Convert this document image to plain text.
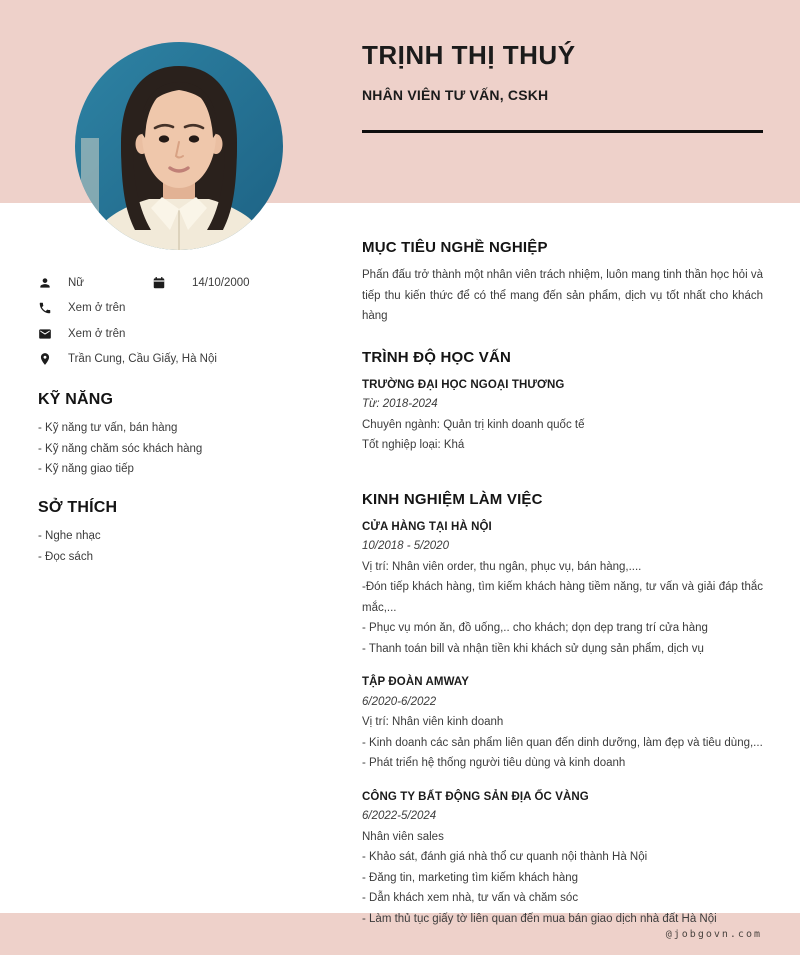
@jobgovn.com
TRỊNH THỊ THUÝ
NHÂN VIÊN TƯ VẤN, CSKH
Nữ	14/10/2000
Xem ở trên
Xem ở trên
Trần Cung, Cầu Giấy, Hà Nội
KỸ NĂNG
- Kỹ năng tư vấn, bán hàng
- Kỹ năng chăm sóc khách hàng
- Kỹ năng giao tiếp
SỞ THÍCH
- Nghe nhạc
- Đọc sách
MỤC TIÊU NGHỀ NGHIỆP

Phấn đấu trở thành một nhân viên trách nhiệm, luôn mang tinh thần học hỏi và tiếp thu kiến thức để có thể mang đến sản phẩm, dịch vụ tốt nhất cho khách hàng

TRÌNH ĐỘ HỌC VẤN
TRƯỜNG ĐẠI HỌC NGOẠI THƯƠNG
Từ: 2018-2024
Chuyên ngành: Quản trị kinh doanh quốc tế
Tốt nghiệp loại: Khá
KINH NGHIỆM LÀM VIỆC
CỬA HÀNG TẠI HÀ NỘI
10/2018 - 5/2020
Vị trí: Nhân viên order, thu ngân, phục vụ, bán hàng,....
-Đón tiếp khách hàng, tìm kiếm khách hàng tiềm năng, tư vấn và giải đáp thắc mắc,...
- Phục vụ món ăn, đồ uống,.. cho khách; dọn dẹp trang trí cửa hàng
- Thanh toán bill và nhận tiền khi khách sử dụng sản phẩm, dịch vụ
TẬP ĐOÀN AMWAY
6/2020-6/2022
Vị trí: Nhân viên kinh doanh
- Kinh doanh các sản phẩm liên quan đến dinh dưỡng, làm đẹp và tiêu dùng,...
- Phát triển hệ thống người tiêu dùng và kinh doanh
CÔNG TY BẤT ĐỘNG SẢN ĐỊA ỐC VÀNG
6/2022-5/2024
Nhân viên sales
- Khảo sát, đánh giá nhà thổ cư quanh nội thành Hà Nội
- Đăng tin, marketing tìm kiếm khách hàng
- Dẫn khách xem nhà, tư vấn và chăm sóc
- Làm thủ tục giấy tờ liên quan đến mua bán giao dịch nhà đất Hà Nội
